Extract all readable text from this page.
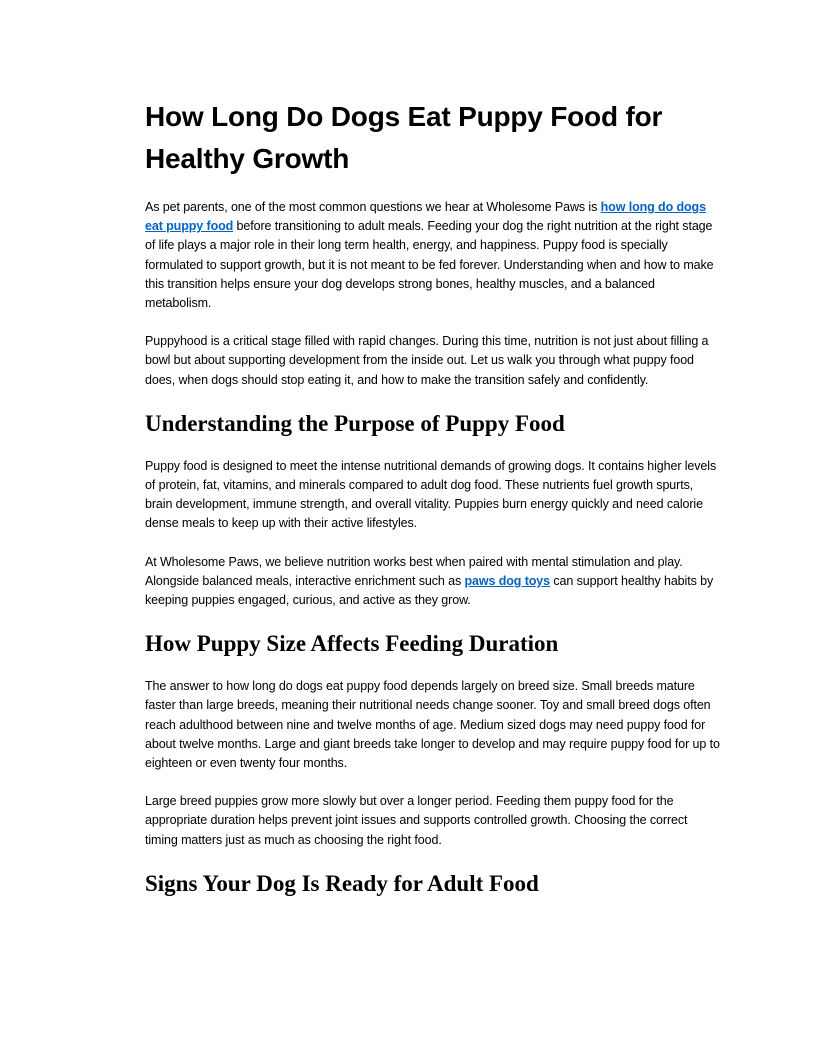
How Long Do Dogs Eat Puppy Food for Healthy Growth

As pet parents, one of the most common questions we hear at Wholesome Paws is how long do dogs eat puppy food before transitioning to adult meals. Feeding your dog the right nutrition at the right stage of life plays a major role in their long term health, energy, and happiness. Puppy food is specially formulated to support growth, but it is not meant to be fed forever. Understanding when and how to make this transition helps ensure your dog develops strong bones, healthy muscles, and a balanced metabolism.

Puppyhood is a critical stage filled with rapid changes. During this time, nutrition is not just about filling a bowl but about supporting development from the inside out. Let us walk you through what puppy food does, when dogs should stop eating it, and how to make the transition safely and confidently.

Understanding the Purpose of Puppy Food

Puppy food is designed to meet the intense nutritional demands of growing dogs. It contains higher levels of protein, fat, vitamins, and minerals compared to adult dog food. These nutrients fuel growth spurts, brain development, immune strength, and overall vitality. Puppies burn energy quickly and need calorie dense meals to keep up with their active lifestyles.

At Wholesome Paws, we believe nutrition works best when paired with mental stimulation and play. Alongside balanced meals, interactive enrichment such as paws dog toys can support healthy habits by keeping puppies engaged, curious, and active as they grow.

How Puppy Size Affects Feeding Duration

The answer to how long do dogs eat puppy food depends largely on breed size. Small breeds mature faster than large breeds, meaning their nutritional needs change sooner. Toy and small breed dogs often reach adulthood between nine and twelve months of age. Medium sized dogs may need puppy food for about twelve months. Large and giant breeds take longer to develop and may require puppy food for up to eighteen or even twenty four months.

Large breed puppies grow more slowly but over a longer period. Feeding them puppy food for the appropriate duration helps prevent joint issues and supports controlled growth. Choosing the correct timing matters just as much as choosing the right food.

Signs Your Dog Is Ready for Adult Food
